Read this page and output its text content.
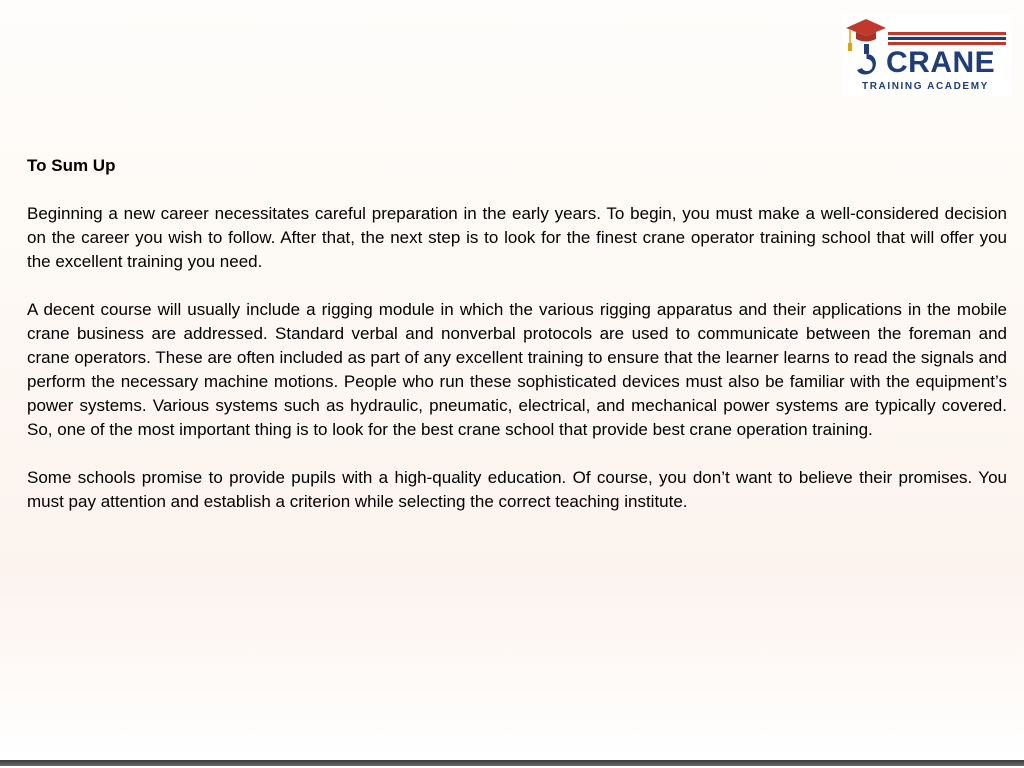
CRANE
TRAINING ACADEMY

To Sum Up

Beginning a new career necessitates careful preparation in the early years. To begin, you must make a well-considered decision on the career you wish to follow. After that, the next step is to look for the finest crane operator training school that will offer you the excellent training you need.

A decent course will usually include a rigging module in which the various rigging apparatus and their applications in the mobile crane business are addressed. Standard verbal and nonverbal protocols are used to communicate between the foreman and crane operators. These are often included as part of any excellent training to ensure that the learner learns to read the signals and perform the necessary machine motions. People who run these sophisticated devices must also be familiar with the equipment’s power systems. Various systems such as hydraulic, pneumatic, electrical, and mechanical power systems are typically covered. So, one of the most important thing is to look for the best crane school that provide best crane operation training.

Some schools promise to provide pupils with a high-quality education. Of course, you don’t want to believe their promises. You must pay attention and establish a criterion while selecting the correct teaching institute.
